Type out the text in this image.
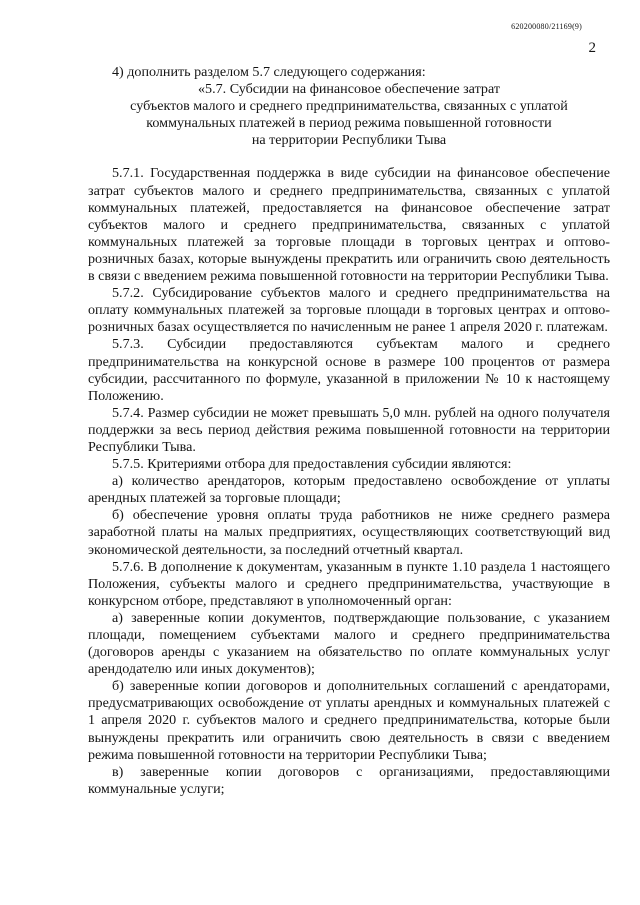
620200080/21169(9)
2

4) дополнить разделом 5.7 следующего содержания:

«5.7. Субсидии на финансовое обеспечение затрат
субъектов малого и среднего предпринимательства, связанных с уплатой
коммунальных платежей в период режима повышенной готовности
на территории Республики Тыва

5.7.1. Государственная поддержка в виде субсидии на финансовое обеспечение затрат субъектов малого и среднего предпринимательства, связанных с уплатой коммунальных платежей, предоставляется на финансовое обеспечение затрат субъектов малого и среднего предпринимательства, связанных с уплатой коммунальных платежей за торговые площади в торговых центрах и оптово-розничных базах, которые вынуждены прекратить или ограничить свою деятельность в связи с введением режима повышенной готовности на территории Республики Тыва.

5.7.2. Субсидирование субъектов малого и среднего предпринимательства на оплату коммунальных платежей за торговые площади в торговых центрах и оптово-розничных базах осуществляется по начисленным не ранее 1 апреля 2020 г. платежам.

5.7.3. Субсидии предоставляются субъектам малого и среднего предпринимательства на конкурсной основе в размере 100 процентов от размера субсидии, рассчитанного по формуле, указанной в приложении № 10 к настоящему Положению.

5.7.4. Размер субсидии не может превышать 5,0 млн. рублей на одного получателя поддержки за весь период действия режима повышенной готовности на территории Республики Тыва.

5.7.5. Критериями отбора для предоставления субсидии являются:

а) количество арендаторов, которым предоставлено освобождение от уплаты арендных платежей за торговые площади;

б) обеспечение уровня оплаты труда работников не ниже среднего размера заработной платы на малых предприятиях, осуществляющих соответствующий вид экономической деятельности, за последний отчетный квартал.

5.7.6. В дополнение к документам, указанным в пункте 1.10 раздела 1 настоящего Положения, субъекты малого и среднего предпринимательства, участвующие в конкурсном отборе, представляют в уполномоченный орган:

а) заверенные копии документов, подтверждающие пользование, с указанием площади, помещением субъектами малого и среднего предпринимательства (договоров аренды с указанием на обязательство по оплате коммунальных услуг арендодателю или иных документов);

б) заверенные копии договоров и дополнительных соглашений с арендаторами, предусматривающих освобождение от уплаты арендных и коммунальных платежей с 1 апреля 2020 г. субъектов малого и среднего предпринимательства, которые были вынуждены прекратить или ограничить свою деятельность в связи с введением режима повышенной готовности на территории Республики Тыва;

в) заверенные копии договоров с организациями, предоставляющими коммунальные услуги;
